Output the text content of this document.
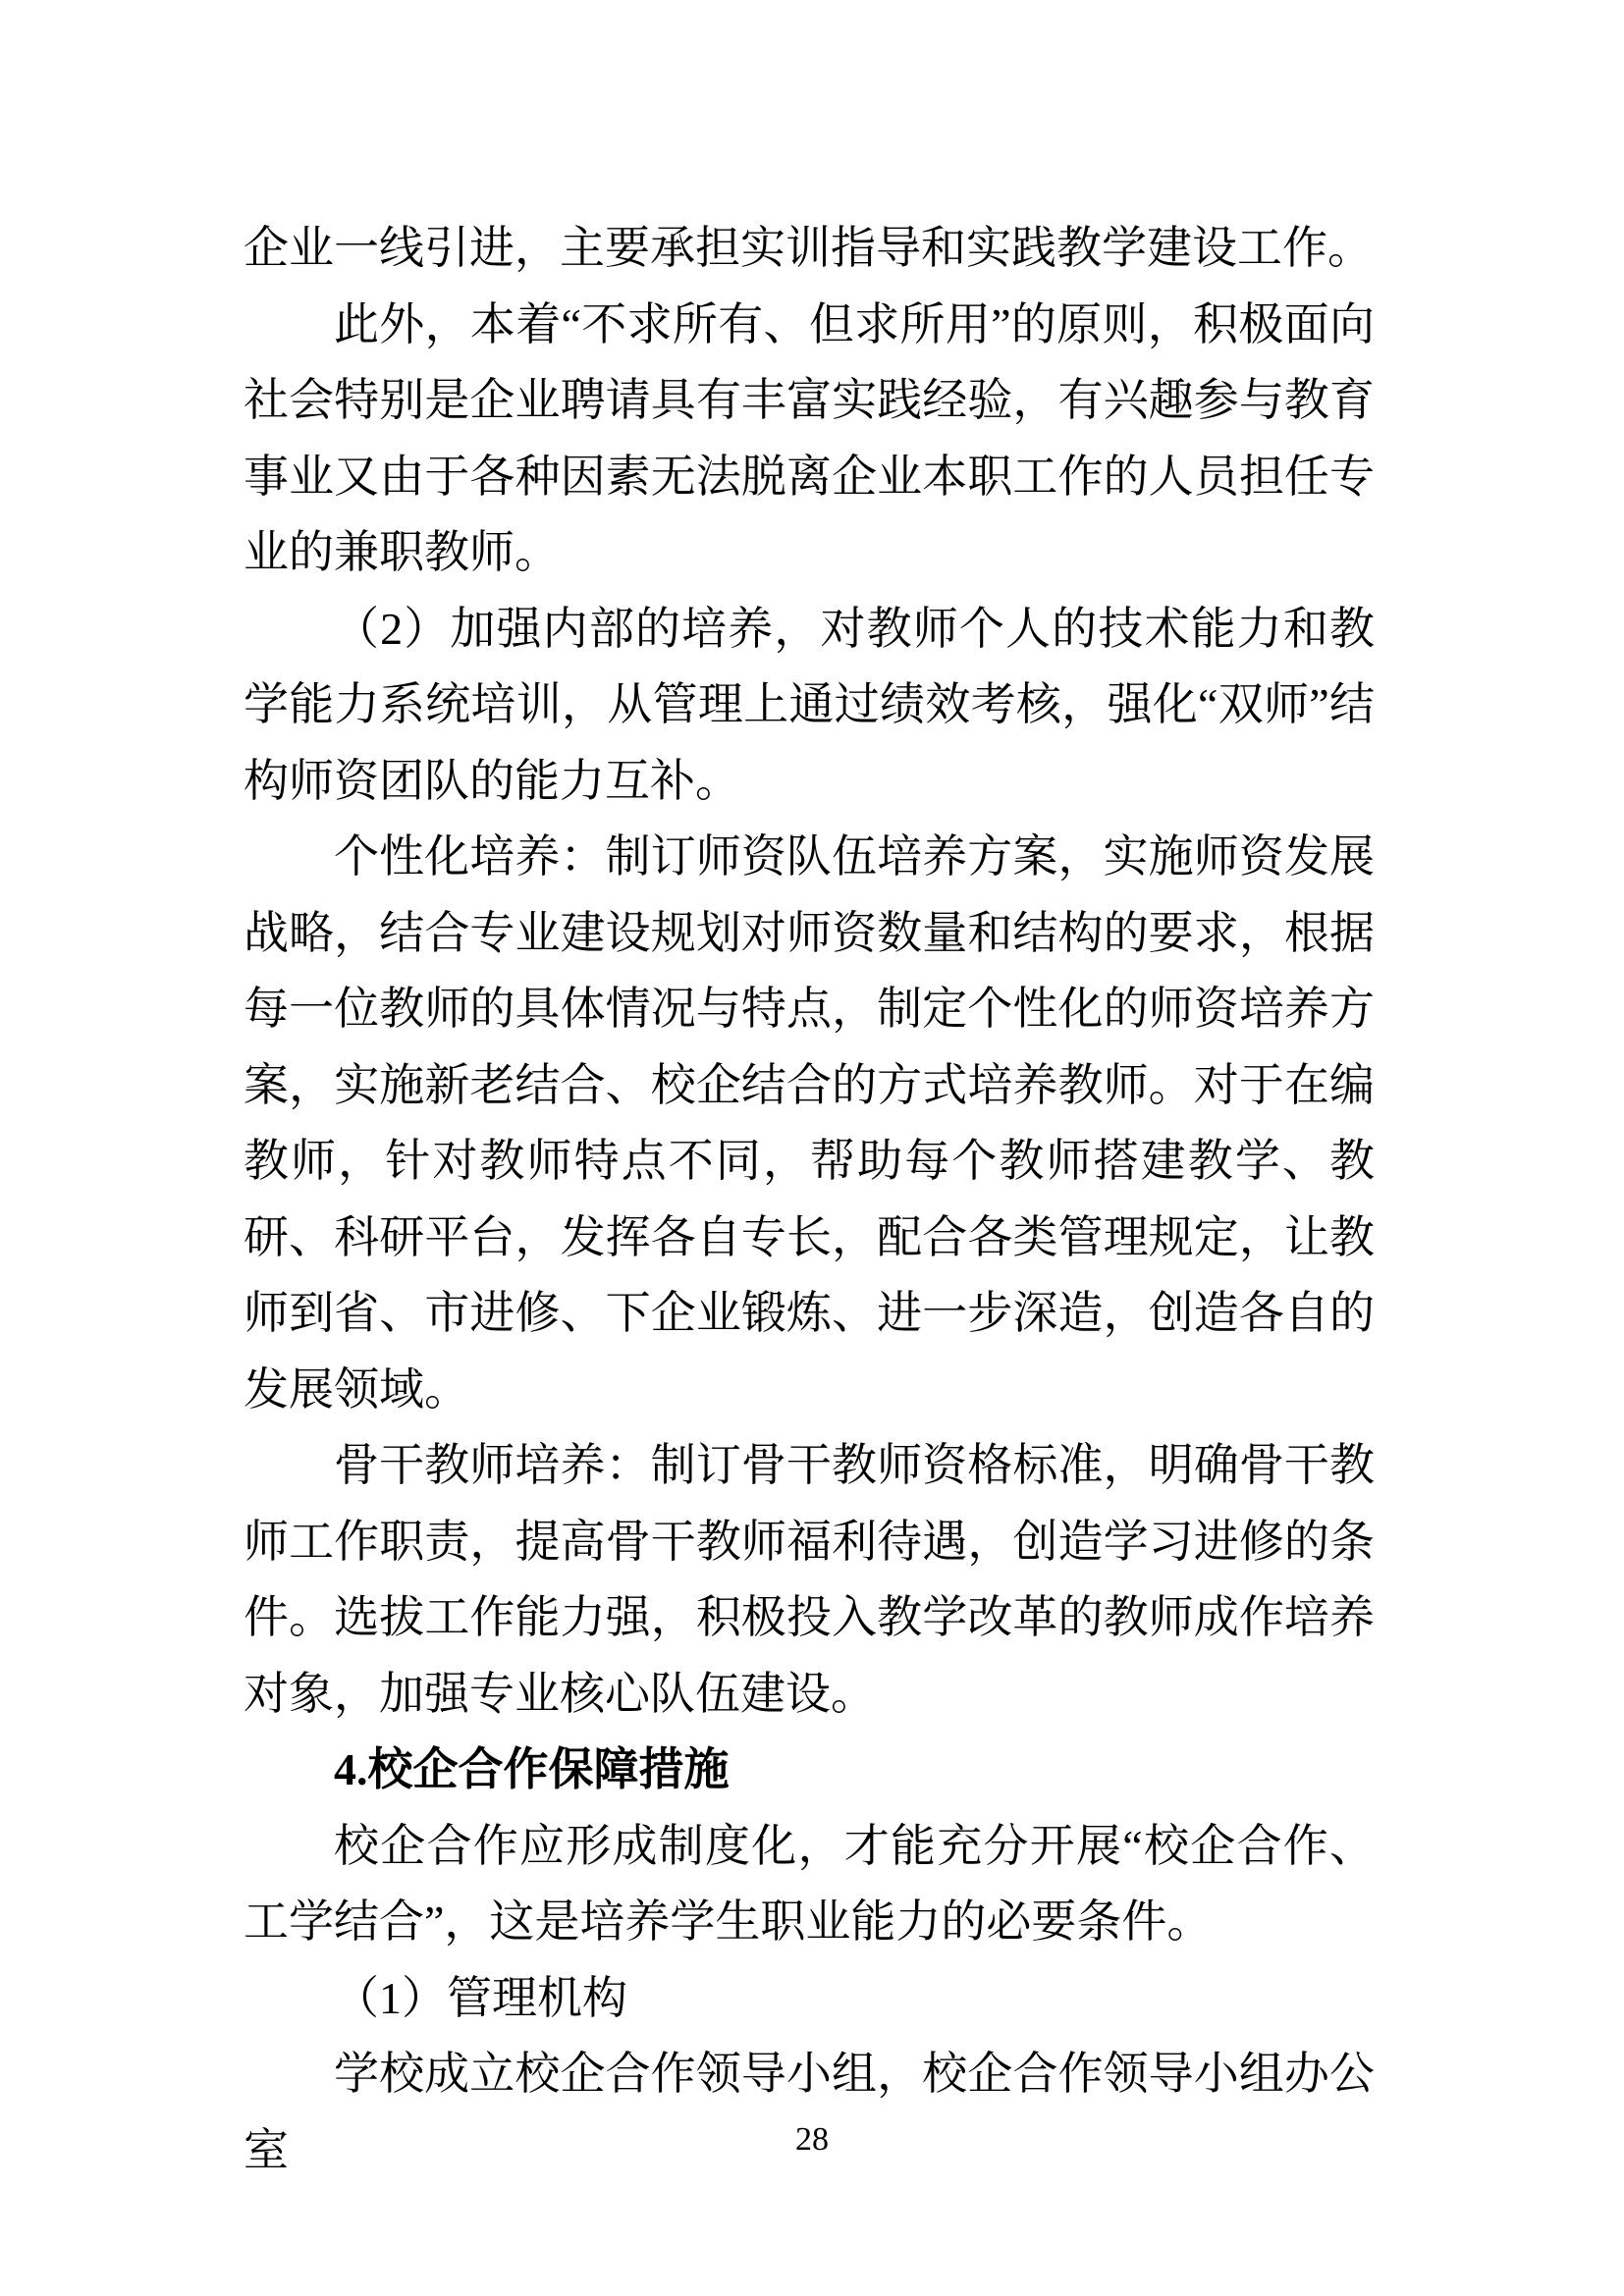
企业一线引进，主要承担实训指导和实践教学建设工作。

此外，本着“不求所有、但求所用”的原则，积极面向社会特别是企业聘请具有丰富实践经验，有兴趣参与教育事业又由于各种因素无法脱离企业本职工作的人员担任专业的兼职教师。

（2）加强内部的培养，对教师个人的技术能力和教学能力系统培训，从管理上通过绩效考核，强化“双师”结构师资团队的能力互补。

个性化培养：制订师资队伍培养方案，实施师资发展战略，结合专业建设规划对师资数量和结构的要求，根据每一位教师的具体情况与特点，制定个性化的师资培养方案，实施新老结合、校企结合的方式培养教师。对于在编教师，针对教师特点不同，帮助每个教师搭建教学、教研、科研平台，发挥各自专长，配合各类管理规定，让教师到省、市进修、下企业锻炼、进一步深造，创造各自的发展领域。

骨干教师培养：制订骨干教师资格标准，明确骨干教师工作职责，提高骨干教师福利待遇，创造学习进修的条件。选拔工作能力强，积极投入教学改革的教师成作培养对象，加强专业核心队伍建设。

4.校企合作保障措施

校企合作应形成制度化，才能充分开展“校企合作、工学结合”，这是培养学生职业能力的必要条件。

（1）管理机构

学校成立校企合作领导小组，校企合作领导小组办公室	28
